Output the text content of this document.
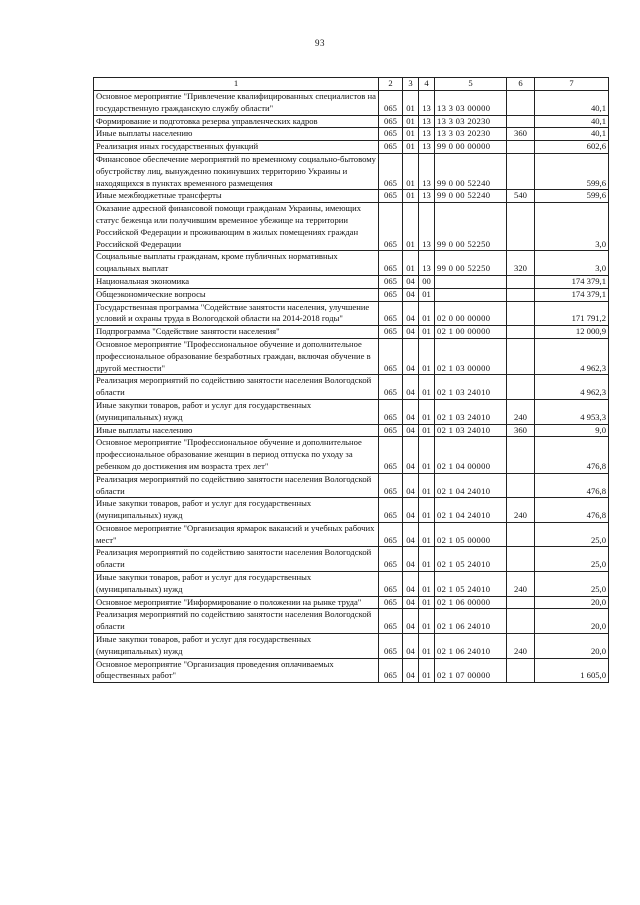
93
1	2	3	4	5	6	7
Основное мероприятие "Привлечение квалифицированных специалистов на государственную гражданскую службу области"	065	01	13	13 3 03 00000		40,1
Формирование и подготовка резерва управленческих кадров	065	01	13	13 3 03 20230		40,1
Иные выплаты населению	065	01	13	13 3 03 20230	360	40,1
Реализация иных государственных функций	065	01	13	99 0 00 00000		602,6
Финансовое обеспечение мероприятий по временному социально-бытовому обустройству лиц, вынужденно покинувших территорию Украины и находящихся в пунктах временного размещения	065	01	13	99 0 00 52240		599,6
Иные межбюджетные трансферты	065	01	13	99 0 00 52240	540	599,6
Оказание адресной финансовой помощи гражданам Украины, имеющих статус беженца или получившим временное убежище на территории Российской Федерации и проживающим в жилых помещениях граждан Российской Федерации	065	01	13	99 0 00 52250		3,0
Социальные выплаты гражданам, кроме публичных нормативных социальных выплат	065	01	13	99 0 00 52250	320	3,0
Национальная экономика	065	04	00			174 379,1
Общеэкономические вопросы	065	04	01			174 379,1
Государственная программа "Содействие занятости населения, улучшение условий и охраны труда в Вологодской области на 2014-2018 годы"	065	04	01	02 0 00 00000		171 791,2
Подпрограмма "Содействие занятости населения"	065	04	01	02 1 00 00000		12 000,9
Основное мероприятие "Профессиональное обучение и дополнительное профессиональное образование безработных граждан, включая обучение в другой местности"	065	04	01	02 1 03 00000		4 962,3
Реализация мероприятий по содействию занятости населения Вологодской области	065	04	01	02 1 03 24010		4 962,3
Иные закупки товаров, работ и услуг для государственных (муниципальных) нужд	065	04	01	02 1 03 24010	240	4 953,3
Иные выплаты населению	065	04	01	02 1 03 24010	360	9,0
Основное мероприятие "Профессиональное обучение и дополнительное профессиональное образование женщин в период отпуска по уходу за ребенком до достижения им возраста трех лет"	065	04	01	02 1 04 00000		476,8
Реализация мероприятий по содействию занятости населения Вологодской области	065	04	01	02 1 04 24010		476,8
Иные закупки товаров, работ и услуг для государственных (муниципальных) нужд	065	04	01	02 1 04 24010	240	476,8
Основное мероприятие "Организация ярмарок вакансий и учебных рабочих мест"	065	04	01	02 1 05 00000		25,0
Реализация мероприятий по содействию занятости населения Вологодской области	065	04	01	02 1 05 24010		25,0
Иные закупки товаров, работ и услуг для государственных (муниципальных) нужд	065	04	01	02 1 05 24010	240	25,0
Основное мероприятие "Информирование о положении на рынке труда"	065	04	01	02 1 06 00000		20,0
Реализация мероприятий по содействию занятости населения Вологодской области	065	04	01	02 1 06 24010		20,0
Иные закупки товаров, работ и услуг для государственных (муниципальных) нужд	065	04	01	02 1 06 24010	240	20,0
Основное мероприятие "Организация проведения оплачиваемых общественных работ"	065	04	01	02 1 07 00000		1 605,0
